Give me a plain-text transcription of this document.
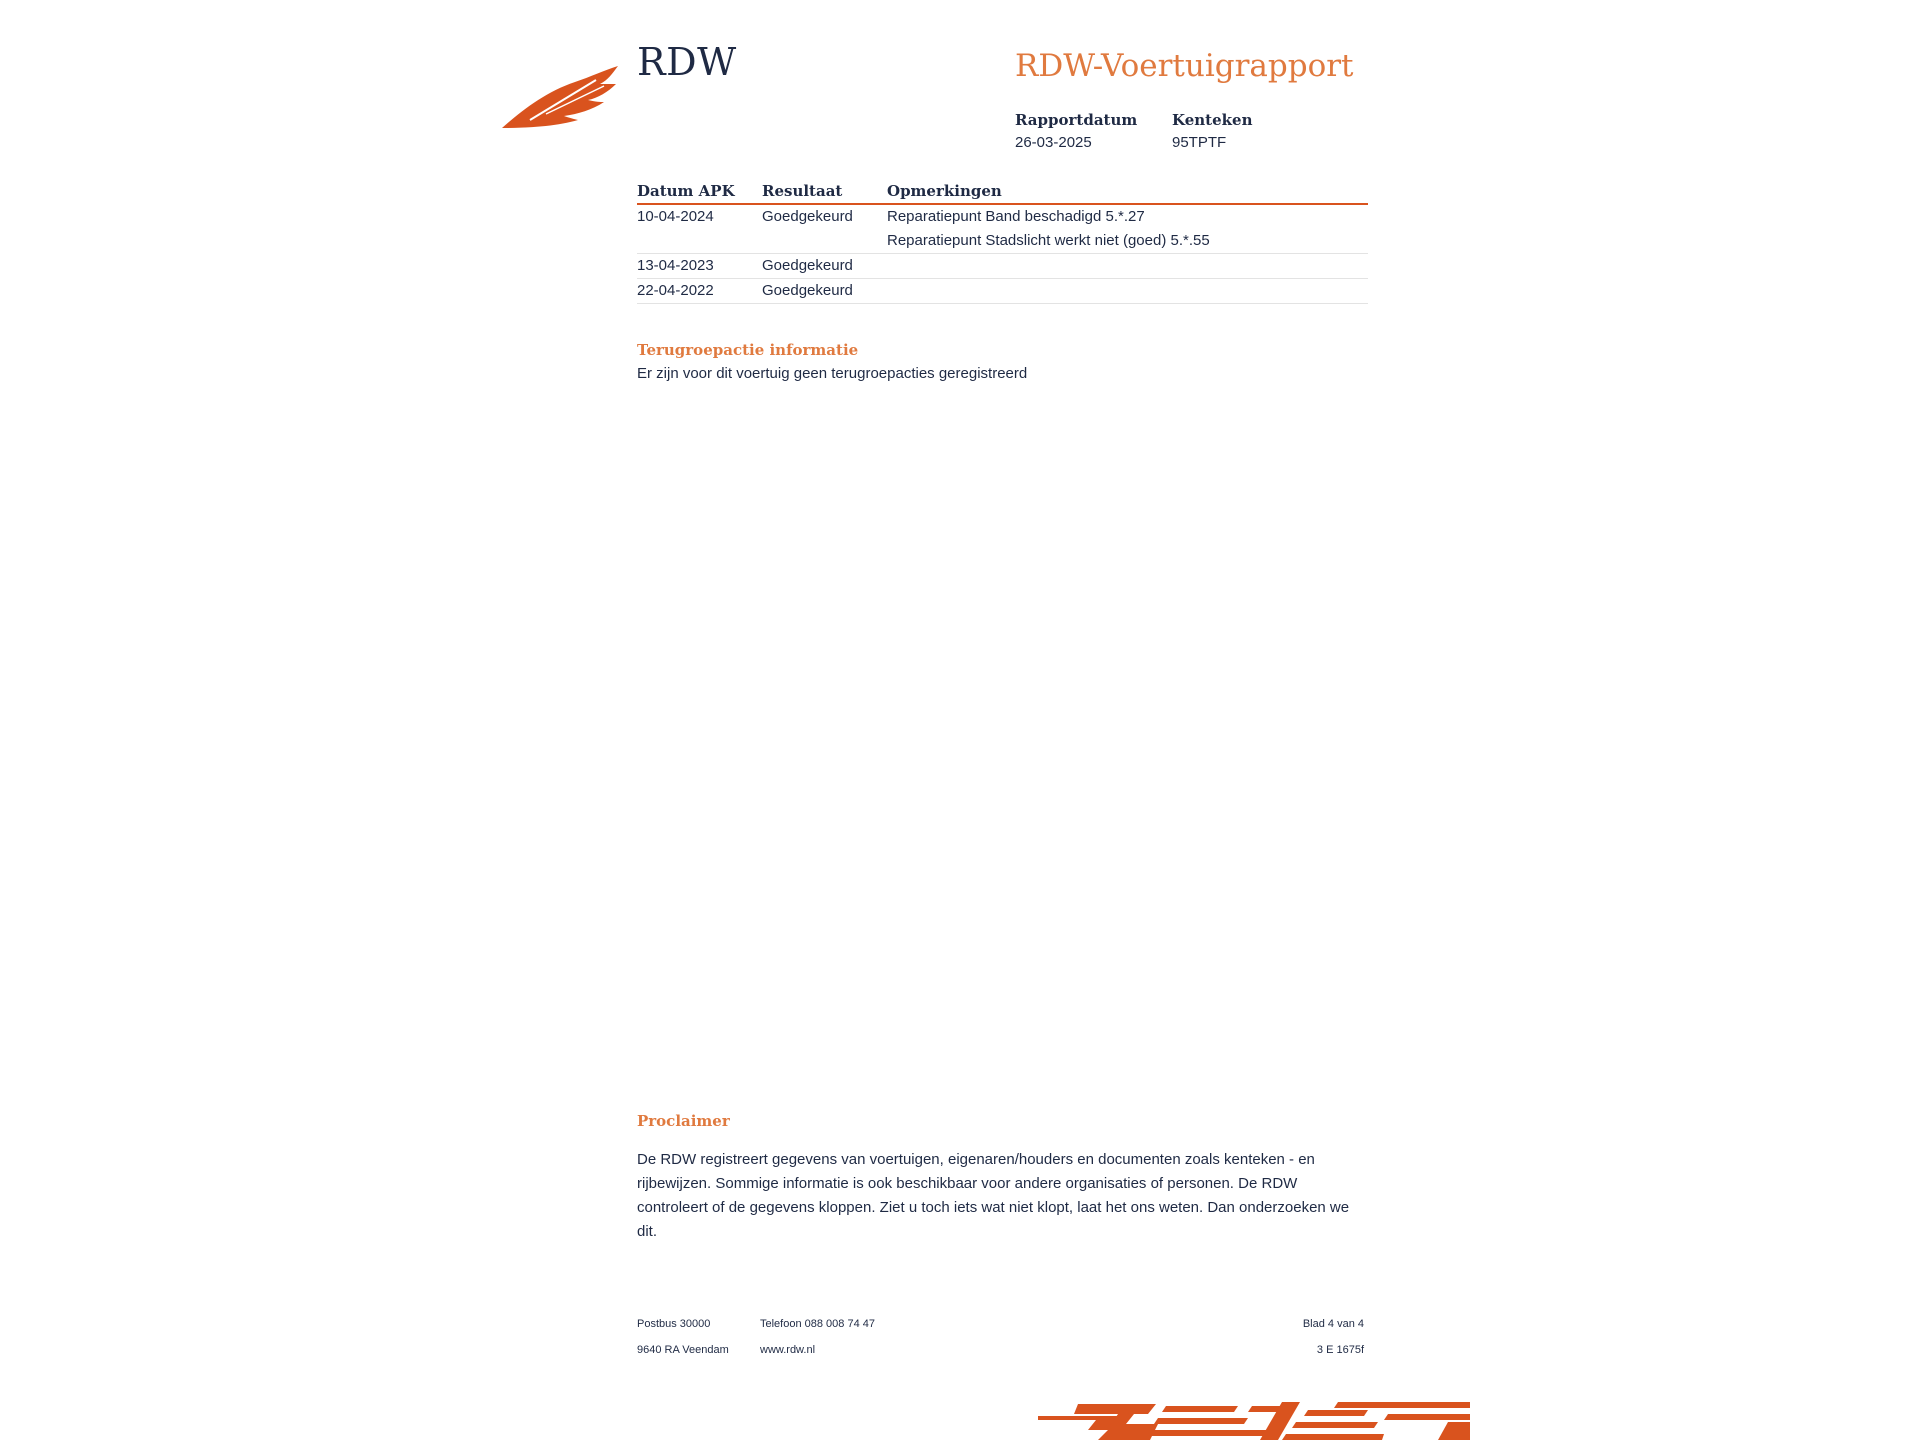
RDW	RDW-Voertuigrapport
Rapportdatum
26-03-2025
Kenteken
95TPTF
Datum APK	Resultaat	Opmerkingen
10-04-2024	Goedgekeurd	Reparatiepunt Band beschadigd 5.*.27
		Reparatiepunt Stadslicht werkt niet (goed) 5.*.55
13-04-2023	Goedgekeurd	
22-04-2022	Goedgekeurd	
Terugroepactie informatie
Er zijn voor dit voertuig geen terugroepacties geregistreerd
Proclaimer
De RDW registreert gegevens van voertuigen, eigenaren/houders en documenten zoals kenteken - en rijbewijzen. Sommige informatie is ook beschikbaar voor andere organisaties of personen. De RDW controleert of de gegevens kloppen. Ziet u toch iets wat niet klopt, laat het ons weten. Dan onderzoeken we dit.
Postbus 30000
9640 RA Veendam
Telefoon 088 008 74 47
www.rdw.nl
Blad 4 van 4
3 E 1675f
